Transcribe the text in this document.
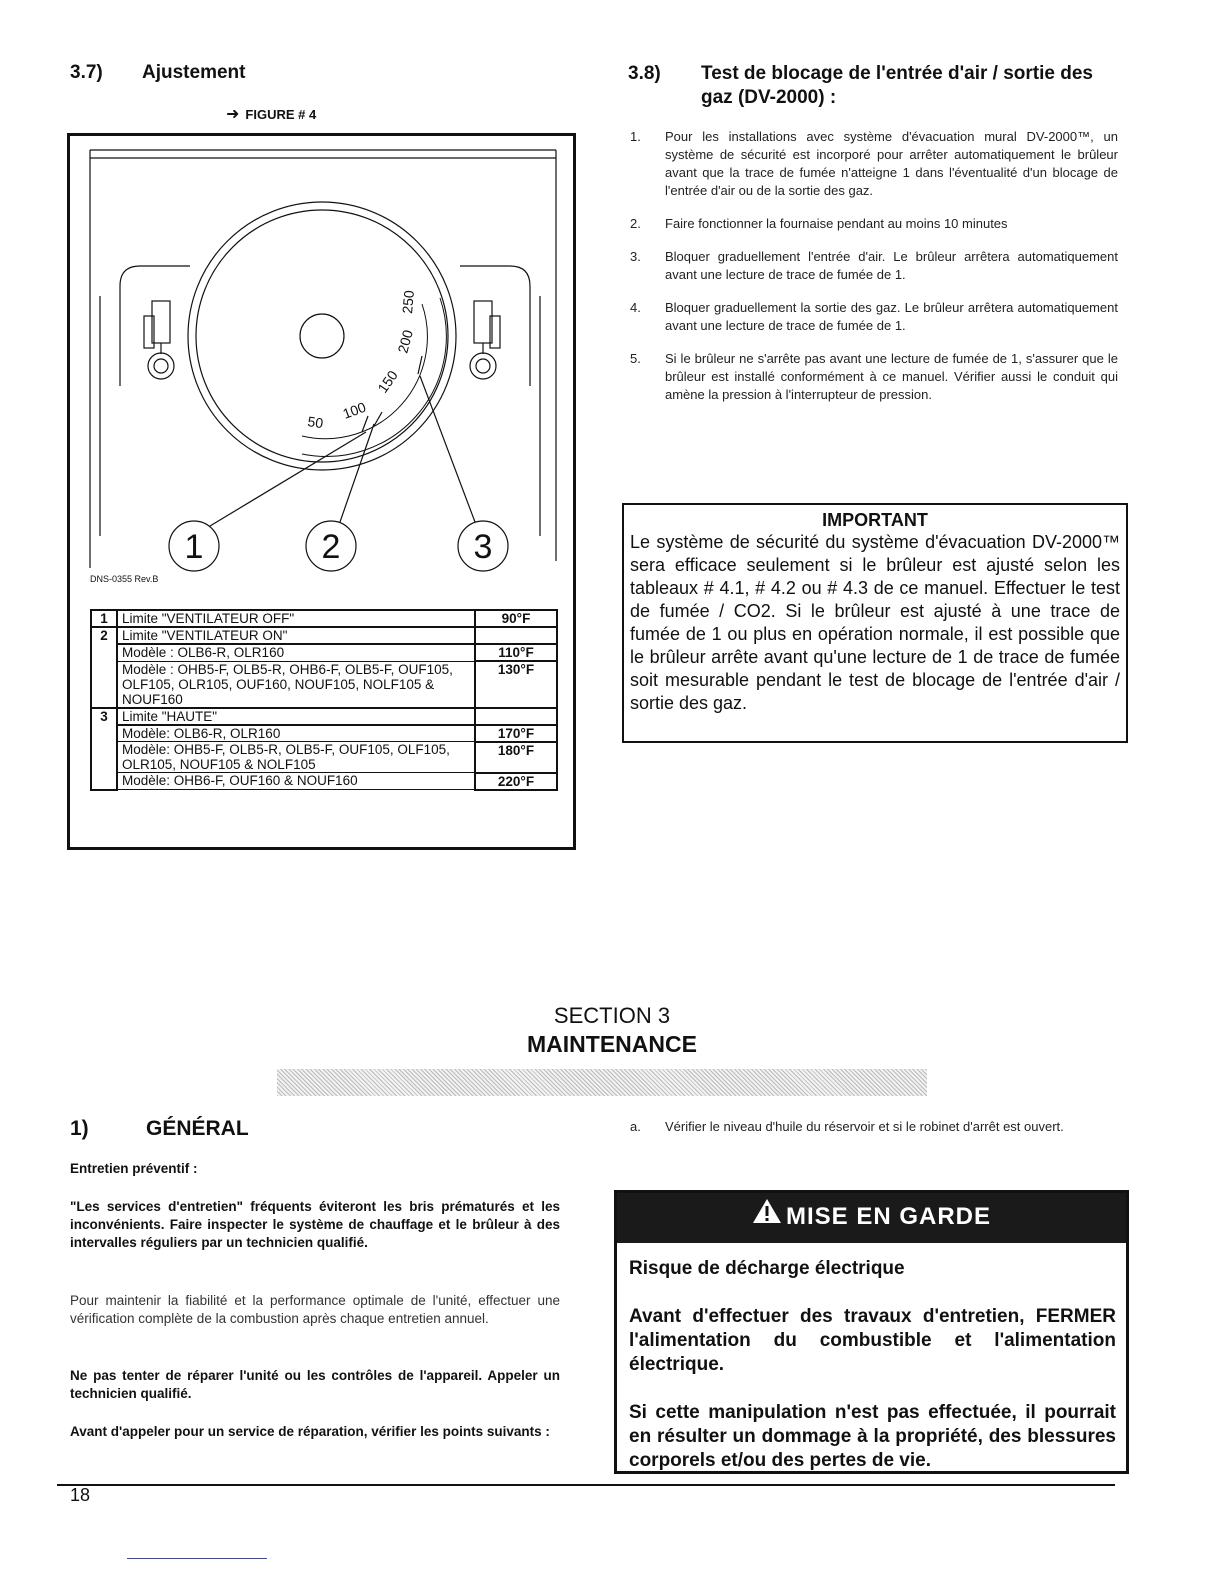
3.7) Ajustement
➜ FIGURE # 4
50
100
150
200
250
1	2	3
DNS-0355 Rev.B
1	Limite "VENTILATEUR OFF"	90°F
2	Limite "VENTILATEUR ON"	
	Modèle : OLB6-R, OLR160	110°F
	Modèle : OHB5-F, OLB5-R, OHB6-F, OLB5-F, OUF105, OLF105, OLR105, OUF160, NOUF105, NOLF105 & NOUF160	130°F
3	Limite "HAUTE"	
	Modèle: OLB6-R, OLR160	170°F
	Modèle: OHB5-F, OLB5-R, OLB5-F, OUF105, OLF105, OLR105, NOUF105 & NOLF105	180°F
	Modèle: OHB6-F, OUF160 & NOUF160	220°F
3.8) Test de blocage de l'entrée d'air / sortie des gaz (DV-2000) :
1. Pour les installations avec système d'évacuation mural DV-2000™, un système de sécurité est incorporé pour arrêter automatiquement le brûleur avant que la trace de fumée n'atteigne 1 dans l'éventualité d'un blocage de l'entrée d'air ou de la sortie des gaz.
2. Faire fonctionner la fournaise pendant au moins 10 minutes
3. Bloquer graduellement l'entrée d'air. Le brûleur arrêtera automatiquement avant une lecture de trace de fumée de 1.
4. Bloquer graduellement la sortie des gaz. Le brûleur arrêtera automatiquement avant une lecture de trace de fumée de 1.
5. Si le brûleur ne s'arrête pas avant une lecture de fumée de 1, s'assurer que le brûleur est installé conformément à ce manuel. Vérifier aussi le conduit qui amène la pression à l'interrupteur de pression.
IMPORTANT
Le système de sécurité du système d'évacuation DV-2000™ sera efficace seulement si le brûleur est ajusté selon les tableaux # 4.1, # 4.2 ou # 4.3 de ce manuel. Effectuer le test de fumée / CO2. Si le brûleur est ajusté à une trace de fumée de 1 ou plus en opération normale, il est possible que le brûleur arrête avant qu'une lecture de 1 de trace de fumée soit mesurable pendant le test de blocage de l'entrée d'air / sortie des gaz.
SECTION 3
MAINTENANCE
1)	GÉNÉRAL
Entretien préventif :
"Les services d'entretien" fréquents éviteront les bris prématurés et les inconvénients. Faire inspecter le système de chauffage et le brûleur à des intervalles réguliers par un technicien qualifié.
Pour maintenir la fiabilité et la performance optimale de l'unité, effectuer une vérification complète de la combustion après chaque entretien annuel.
Ne pas tenter de réparer l'unité ou les contrôles de l'appareil. Appeler un technicien qualifié.
Avant d'appeler pour un service de réparation, vérifier les points suivants :
a. Vérifier le niveau d'huile du réservoir et si le robinet d'arrêt est ouvert.
MISE EN GARDE
Risque de décharge électrique
Avant d'effectuer des travaux d'entretien, FERMER l'alimentation du combustible et l'alimentation électrique.
Si cette manipulation n'est pas effectuée, il pourrait en résulter un dommage à la propriété, des blessures corporels et/ou des pertes de vie.
18
